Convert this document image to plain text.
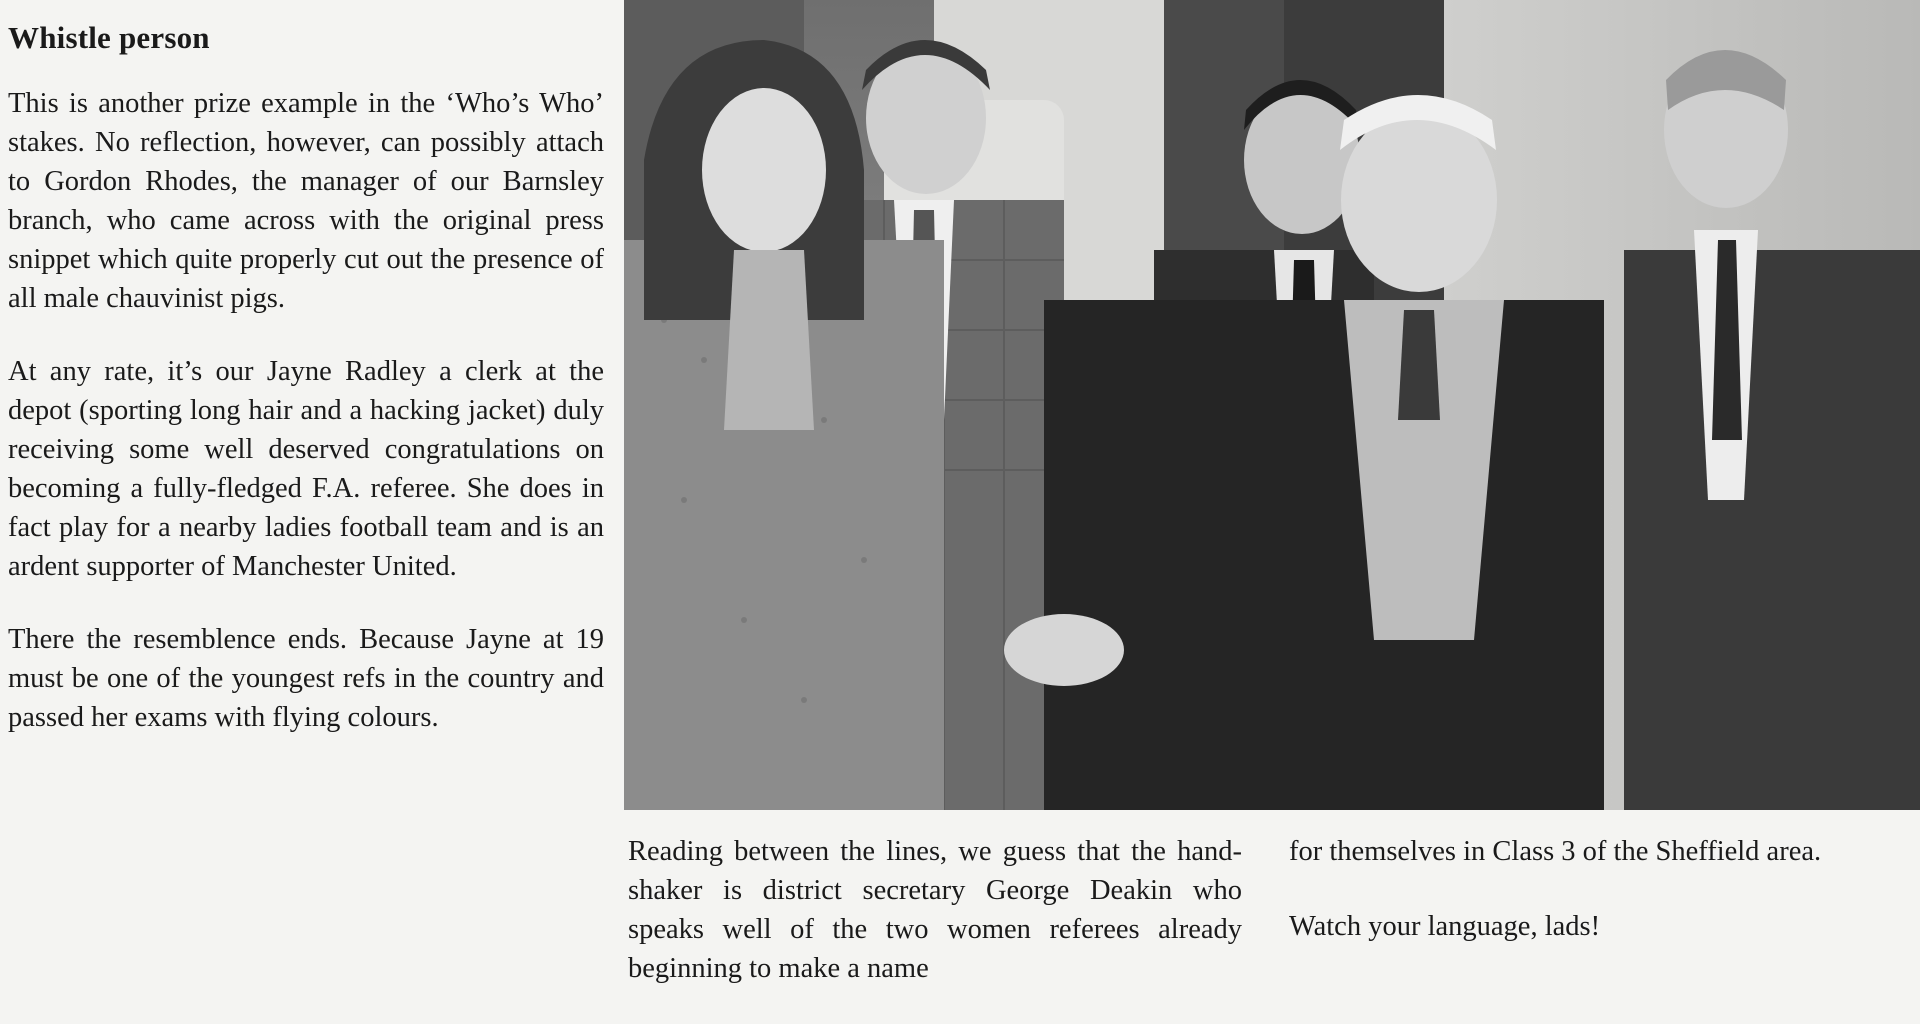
Whistle person

This is another prize example in the ‘Who’s Who’ stakes. No reflection, however, can possibly attach to Gordon Rhodes, the manager of our Barnsley branch, who came across with the original press snippet which quite properly cut out the presence of all male chauvinist pigs.

At any rate, it’s our Jayne Radley a clerk at the depot (sporting long hair and a hacking jacket) duly receiving some well deserved congratulations on becoming a fully-fledged F.A. referee. She does in fact play for a nearby ladies football team and is an ardent supporter of Manchester United.

There the resemblence ends. Because Jayne at 19 must be one of the youngest refs in the country and passed her exams with flying colours.

Reading between the lines, we guess that the hand-shaker is district secretary George Deakin who speaks well of the two women referees already beginning to make a name

for themselves in Class 3 of the Sheffield area.

Watch your language, lads!
